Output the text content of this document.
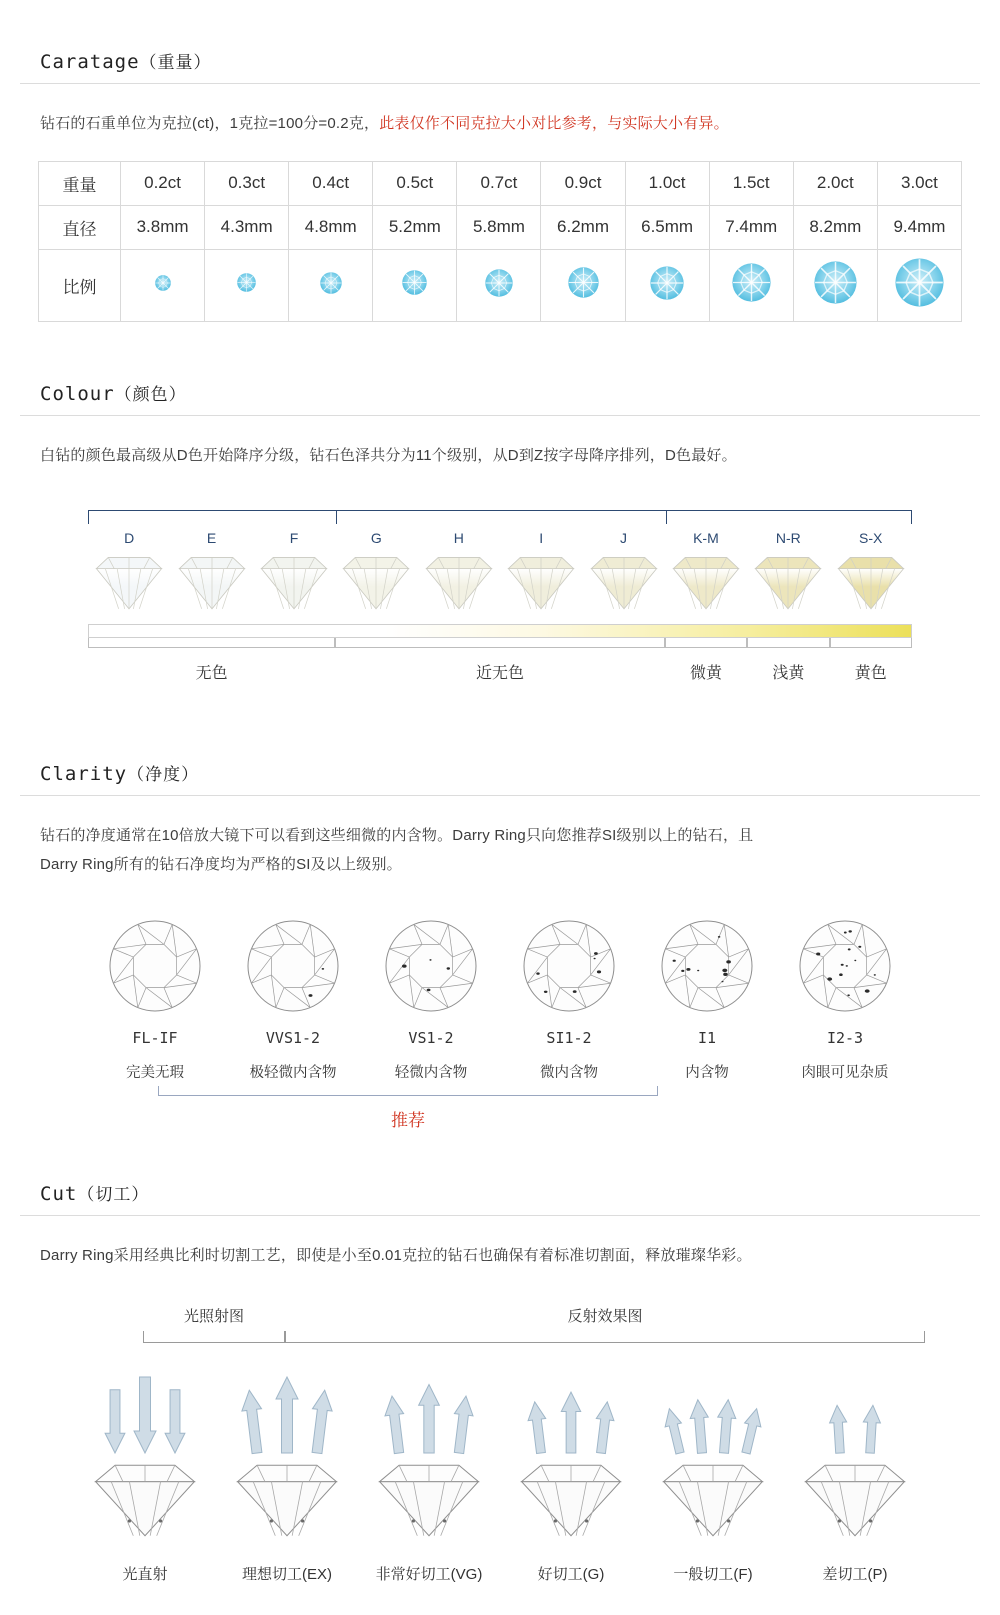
Caratage（重量）
钻石的石重单位为克拉(ct)，1克拉=100分=0.2克，此表仅作不同克拉大小对比参考，与实际大小有异。
重量	0.2ct	0.3ct	0.4ct	0.5ct	0.7ct	0.9ct	1.0ct	1.5ct	2.0ct	3.0ct
直径	3.8mm	4.3mm	4.8mm	5.2mm	5.8mm	6.2mm	6.5mm	7.4mm	8.2mm	9.4mm
比例	

Colour（颜色）
白钻的颜色最高级从D色开始降序分级，钻石色泽共分为11个级别，从D到Z按字母降序排列，D色最好。
D	E	F	G	H	I	J	K-M	N-R	S-X
无色	近无色	微黄	浅黄	黄色
Clarity（净度）
钻石的净度通常在10倍放大镜下可以看到这些细微的内含物。Darry Ring只向您推荐SI级别以上的钻石，且
Darry Ring所有的钻石净度均为严格的SI及以上级别。
FL-IF
完美无瑕
VVS1-2
极轻微内含物
VS1-2
轻微内含物
SI1-2
微内含物
I1
内含物
I2-3
肉眼可见杂质
推荐
Cut（切工）
Darry Ring采用经典比利时切割工艺，即使是小至0.01克拉的钻石也确保有着标准切割面，释放璀璨华彩。
光照射图	反射效果图
光直射	理想切工(EX)	非常好切工(VG)	好切工(G)	一般切工(F)	差切工(P)
